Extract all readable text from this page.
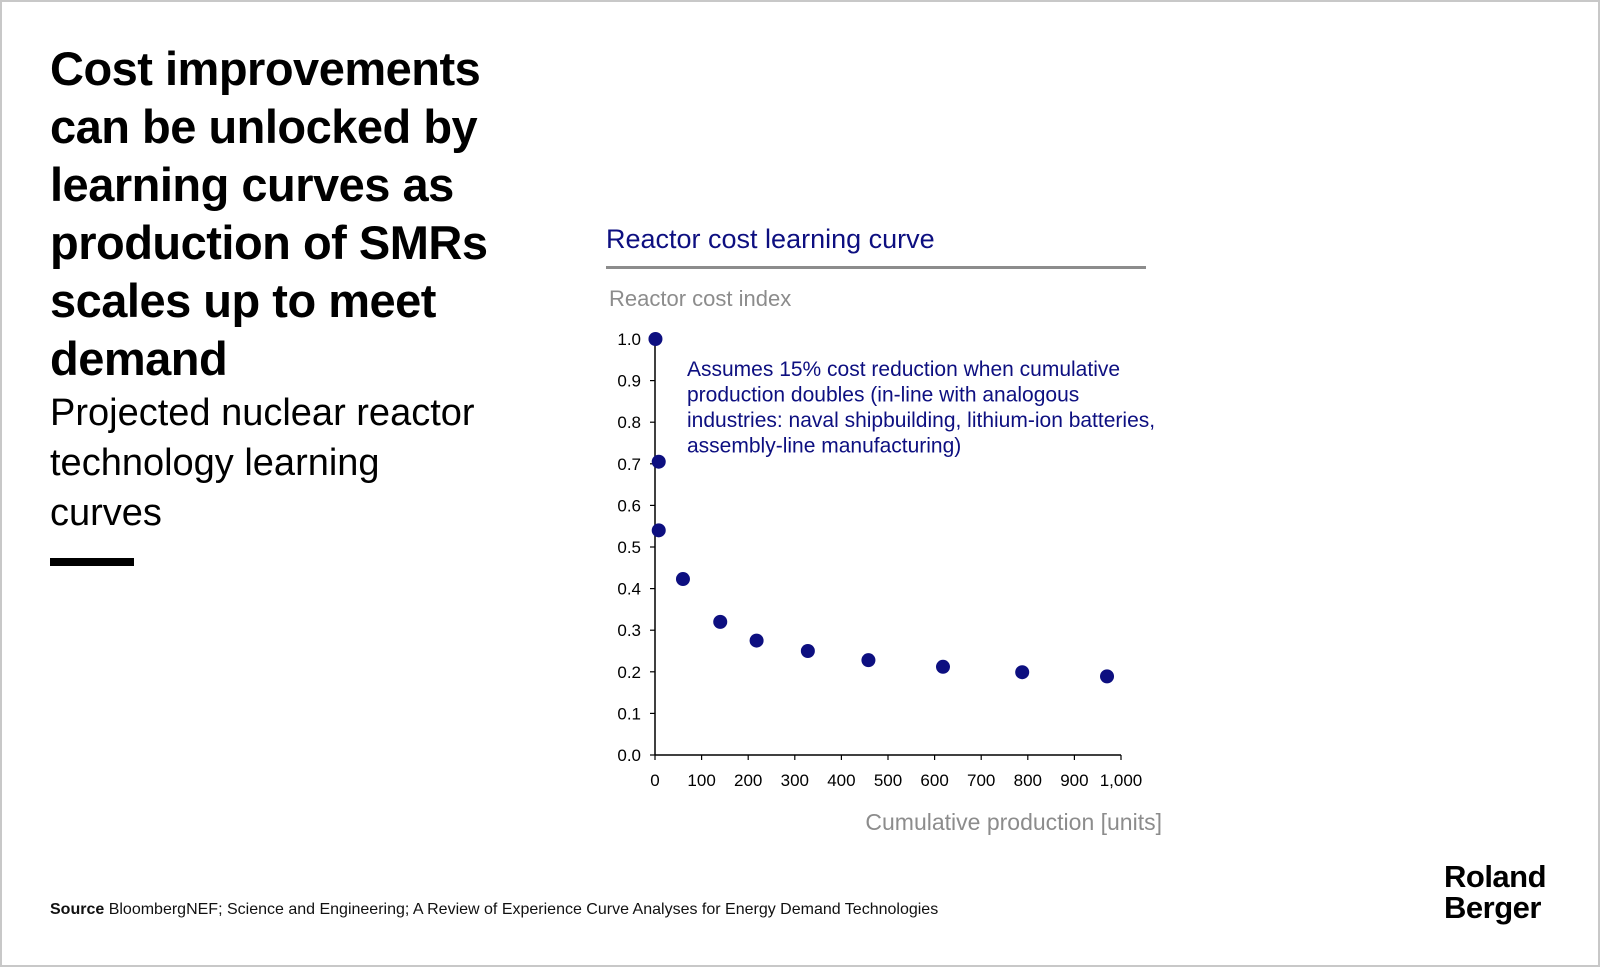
Cost improvements can be unlocked by learning curves as production of SMRs scales up to meet demand
Projected nuclear reactor technology learning curves
Reactor cost learning curve
Reactor cost index
0.0
0.1
0.2
0.3
0.4
0.5
0.6
0.7
0.8
0.9
1.0
0 100 200 300 400 500 600 700 800 900 1,000
Cumulative production [units]
Assumes 15% cost reduction when cumulative production doubles (in-line with analogous industries: naval shipbuilding, lithium-ion batteries, assembly-line manufacturing)
Source BloombergNEF; Science and Engineering; A Review of Experience Curve Analyses for Energy Demand Technologies
Roland
Berger
